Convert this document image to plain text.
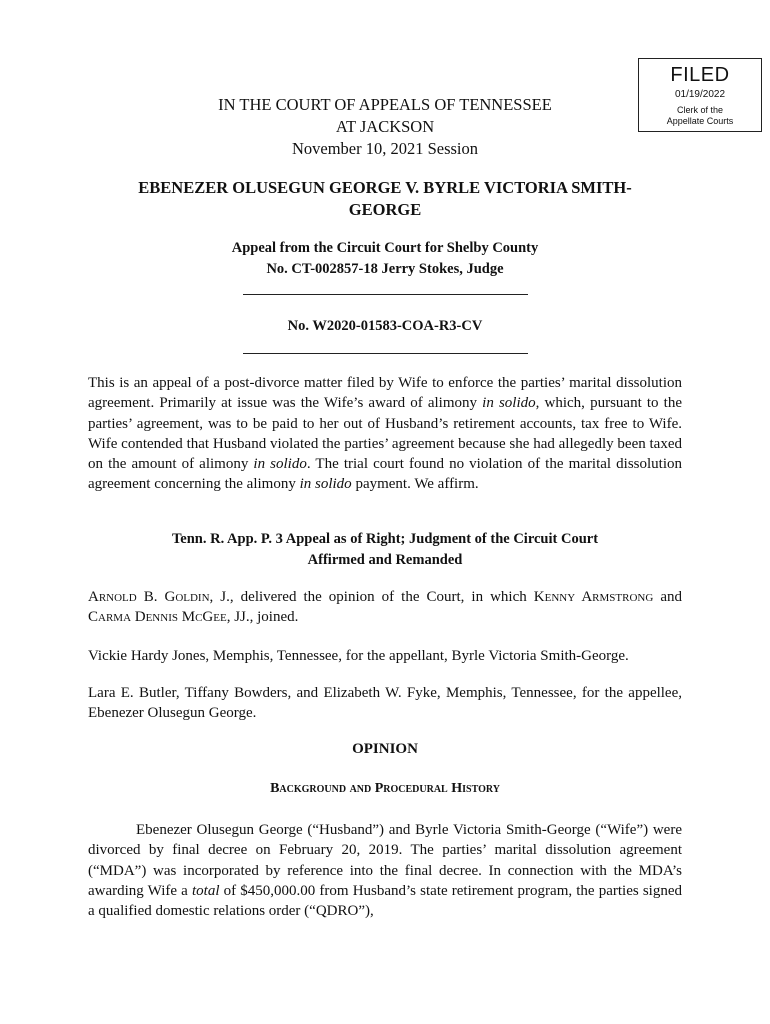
FILED
01/19/2022
Clerk of the
Appellate Courts
IN THE COURT OF APPEALS OF TENNESSEE
AT JACKSON
November 10, 2021 Session
EBENEZER OLUSEGUN GEORGE V. BYRLE VICTORIA SMITH-
GEORGE
Appeal from the Circuit Court for Shelby County
No. CT-002857-18 Jerry Stokes, Judge
No. W2020-01583-COA-R3-CV
This is an appeal of a post-divorce matter filed by Wife to enforce the parties’ marital dissolution agreement. Primarily at issue was the Wife’s award of alimony in solido, which, pursuant to the parties’ agreement, was to be paid to her out of Husband’s retirement accounts, tax free to Wife. Wife contended that Husband violated the parties’ agreement because she had allegedly been taxed on the amount of alimony in solido. The trial court found no violation of the marital dissolution agreement concerning the alimony in solido payment. We affirm.
Tenn. R. App. P. 3 Appeal as of Right; Judgment of the Circuit Court
Affirmed and Remanded
Arnold B. Goldin, J., delivered the opinion of the Court, in which Kenny Armstrong and Carma Dennis McGee, JJ., joined.
Vickie Hardy Jones, Memphis, Tennessee, for the appellant, Byrle Victoria Smith-George.
Lara E. Butler, Tiffany Bowders, and Elizabeth W. Fyke, Memphis, Tennessee, for the appellee, Ebenezer Olusegun George.
OPINION
Background and Procedural History
Ebenezer Olusegun George (“Husband”) and Byrle Victoria Smith-George (“Wife”) were divorced by final decree on February 20, 2019. The parties’ marital dissolution agreement (“MDA”) was incorporated by reference into the final decree. In connection with the MDA’s awarding Wife a total of $450,000.00 from Husband’s state retirement program, the parties signed a qualified domestic relations order (“QDRO”),
